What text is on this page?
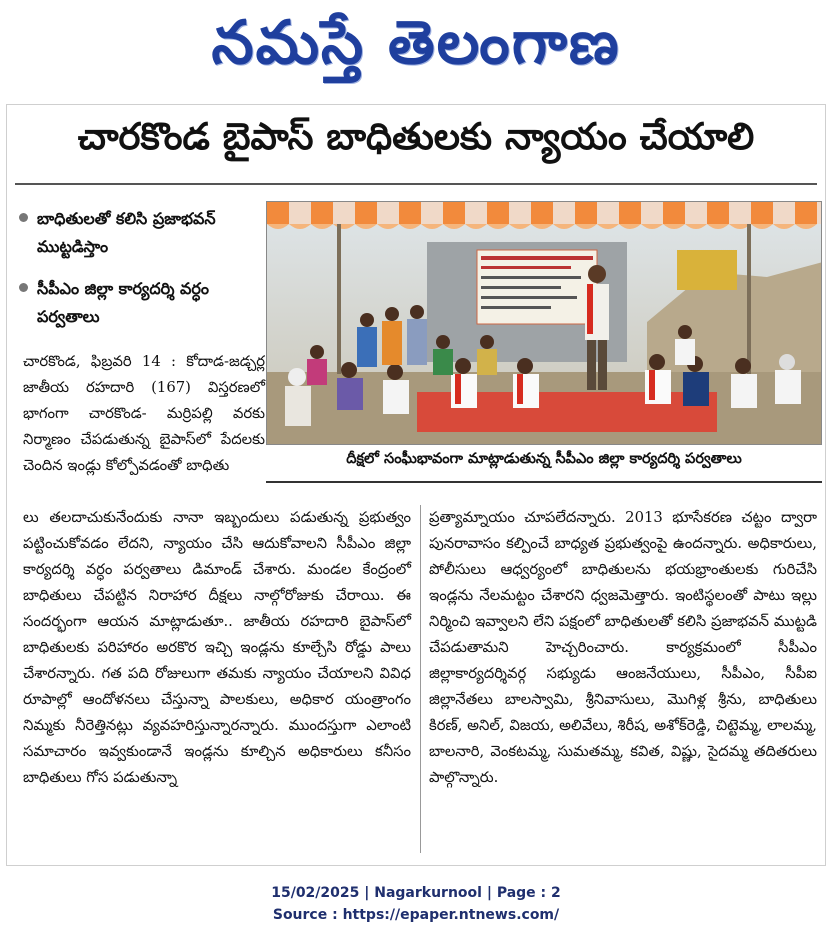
నమస్తే తెలంగాణ
చారకొండ బైపాస్ బాధితులకు న్యాయం చేయాలి
బాధితులతో కలిసి ప్రజాభవన్ ముట్టడిస్తాం
సీపీఎం జిల్లా కార్యదర్శి వర్ధం పర్వతాలు
దీక్షలో సంఘీభావంగా మాట్లాడుతున్న సీపీఎం జిల్లా కార్యదర్శి పర్వతాలు
చారకొండ, ఫిబ్రవరి 14 : కోదాడ-జడ్చర్ల జాతీయ రహదారి (167) విస్తరణలో భాగంగా చారకొండ- మర్రిపల్లి వరకు నిర్మాణం చేపడుతున్న బైపాస్‌లో పేదలకు చెందిన ఇండ్లు కోల్పోవడంతో బాధితు
లు తలదాచుకునేందుకు నానా ఇబ్బందులు పడుతున్న ప్రభుత్వం పట్టించుకోవడం లేదని, న్యాయం చేసి ఆదుకోవాలని సీపీఎం జిల్లా కార్యదర్శి వర్ధం పర్వతాలు డిమాండ్ చేశారు. మండల కేంద్రంలో బాధితులు చేపట్టిన నిరాహార దీక్షలు నాల్గోరోజుకు చేరాయి. ఈ సందర్భంగా ఆయన మాట్లాడుతూ.. జాతీయ రహదారి బైపాస్‌లో బాధితులకు పరిహారం అరకొర ఇచ్చి ఇండ్లను కూల్చేసి రోడ్డు పాలు చేశారన్నారు. గత పది రోజులుగా తమకు న్యాయం చేయాలని వివిధ రూపాల్లో ఆందోళనలు చేస్తున్నా పాలకులు, అధికార యంత్రాంగం నిమ్మకు నీరెత్తినట్లు వ్యవహరిస్తున్నారన్నారు. ముందస్తుగా ఎలాంటి సమాచారం ఇవ్వకుండానే ఇండ్లను కూల్చిన అధికారులు కనీసం బాధితులు గోస పడుతున్నా
ప్రత్యామ్నాయం చూపలేదన్నారు. 2013 భూసేకరణ చట్టం ద్వారా పునరావాసం కల్పించే బాధ్యత ప్రభుత్వంపై ఉందన్నారు. అధికారులు, పోలీసులు ఆధ్వర్యంలో బాధితులను భయభ్రాంతులకు గురిచేసి ఇండ్లను నేలమట్టం చేశారని ధ్వజమెత్తారు. ఇంటిస్థలంతో పాటు ఇల్లు నిర్మించి ఇవ్వాలని లేని పక్షంలో బాధితులతో కలిసి ప్రజాభవన్ ముట్టడి చేపడుతామని హెచ్చరించారు. కార్యక్రమంలో సీపీఎం జిల్లాకార్యదర్శివర్గ సభ్యుడు ఆంజనేయులు, సీపీఎం, సీపీఐ జిల్లానేతలు బాలస్వామి, శ్రీనివాసులు, మొగిళ్ల శ్రీను, బాధితులు కిరణ్, అనిల్, విజయ, అలివేలు, శిరీష, అశోక్‌రెడ్డి, చిట్టెమ్మ, లాలమ్మ, బాలనారి, వెంకటమ్మ, సుమతమ్మ, కవిత, విష్ణు, సైదమ్మ తదితరులు పాల్గొన్నారు.
15/02/2025 | Nagarkurnool | Page : 2
Source : https://epaper.ntnews.com/
